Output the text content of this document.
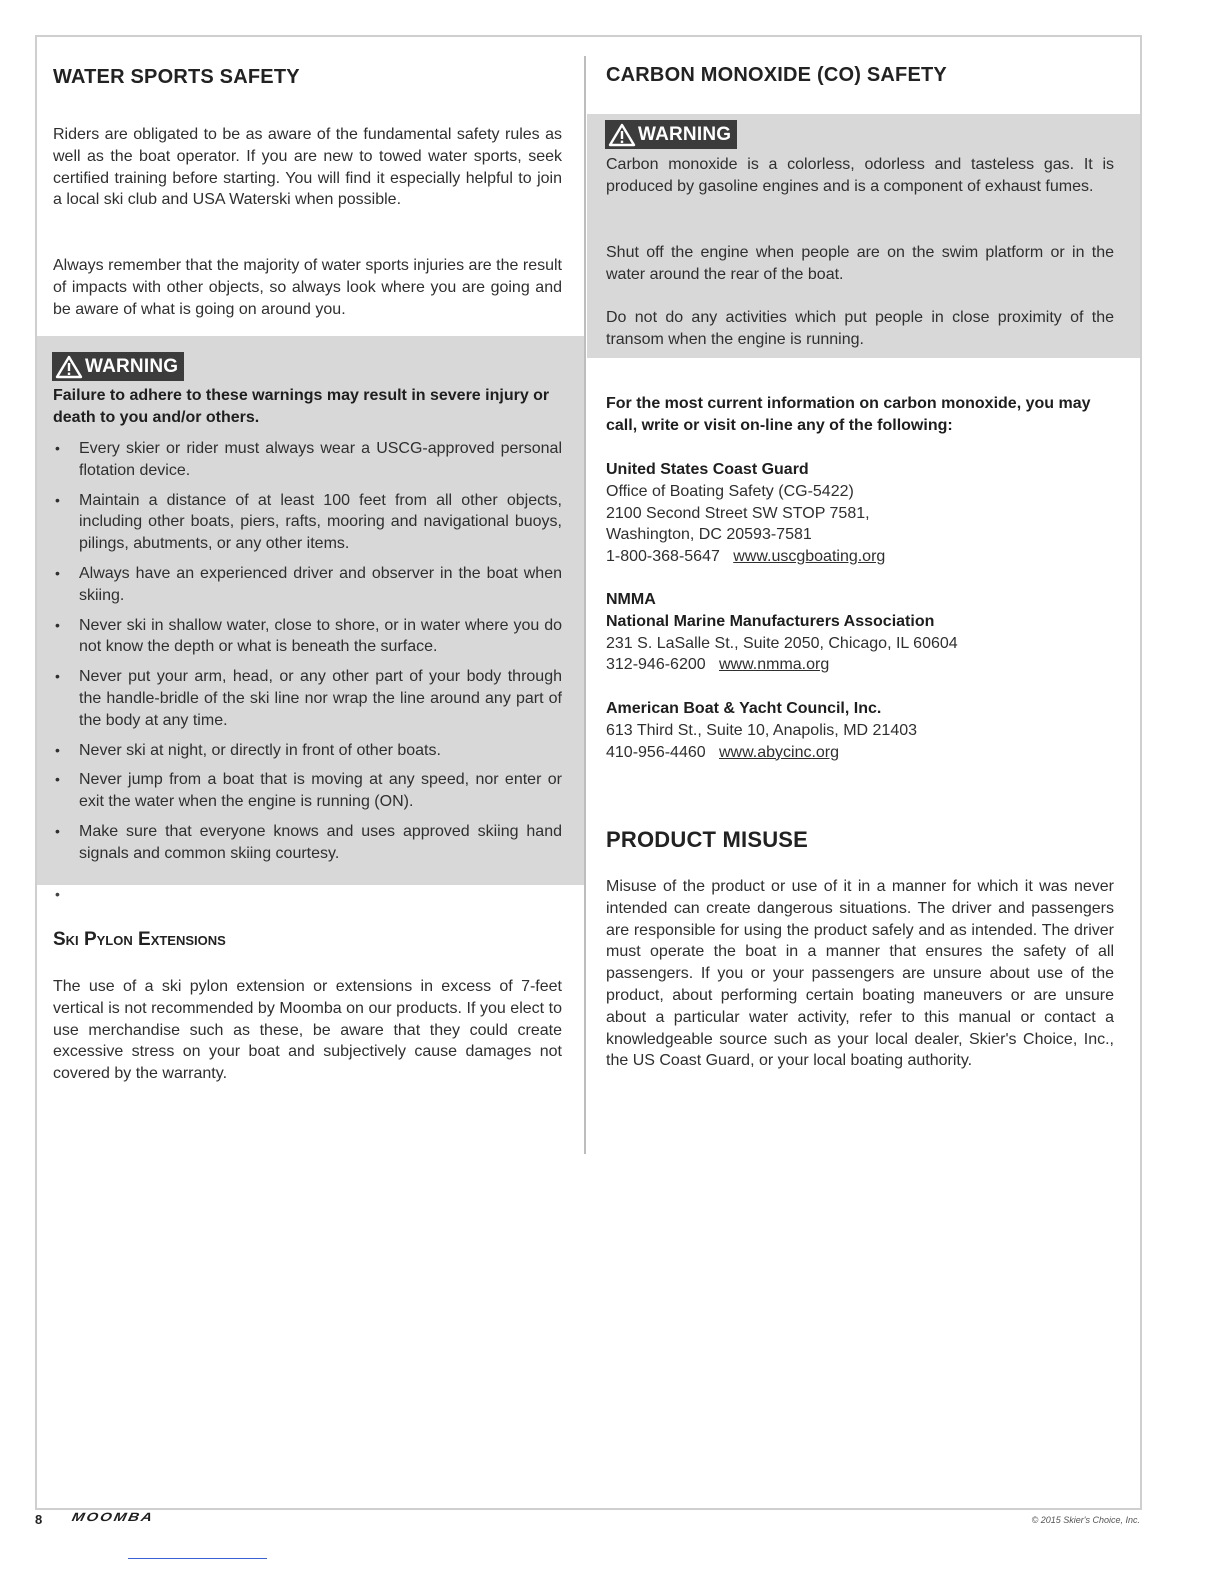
WATER SPORTS SAFETY
Riders are obligated to be as aware of the fundamental safety rules as well as the boat operator. If you are new to towed water sports, seek certified training before starting. You will find it especially helpful to join a local ski club and USA Waterski when possible.
Always remember that the majority of water sports injuries are the result of impacts with other objects, so always look where you are going and be aware of what is going on around you.
WARNING
Failure to adhere to these warnings may result in severe injury or death to you and/or others.
• Every skier or rider must always wear a USCG-approved personal flotation device.
• Maintain a distance of at least 100 feet from all other objects, including other boats, piers, rafts, mooring and navigational buoys, pilings, abutments, or any other items.
• Always have an experienced driver and observer in the boat when skiing.
• Never ski in shallow water, close to shore, or in water where you do not know the depth or what is beneath the surface.
• Never put your arm, head, or any other part of your body through the handle-bridle of the ski line nor wrap the line around any part of the body at any time.
• Never ski at night, or directly in front of other boats.
• Never jump from a boat that is moving at any speed, nor enter or exit the water when the engine is running (ON).
• Make sure that everyone knows and uses approved skiing hand signals and common skiing courtesy.
•
Ski Pylon Extensions
The use of a ski pylon extension or extensions in excess of 7-feet vertical is not recommended by Moomba on our products. If you elect to use merchandise such as these, be aware that they could create excessive stress on your boat and subjectively cause damages not covered by the warranty.
CARBON MONOXIDE (CO) SAFETY
WARNING
Carbon monoxide is a colorless, odorless and tasteless gas. It is produced by gasoline engines and is a component of exhaust fumes.
Shut off the engine when people are on the swim platform or in the water around the rear of the boat.
Do not do any activities which put people in close proximity of the transom when the engine is running.
For the most current information on carbon monoxide, you may call, write or visit on-line any of the following:
United States Coast Guard
Office of Boating Safety (CG-5422)
2100 Second Street SW STOP 7581,
Washington, DC 20593-7581
1-800-368-5647 www.uscgboating.org
NMMA
National Marine Manufacturers Association
231 S. LaSalle St., Suite 2050, Chicago, IL 60604
312-946-6200 www.nmma.org
American Boat & Yacht Council, Inc.
613 Third St., Suite 10, Anapolis, MD 21403
410-956-4460 www.abycinc.org
PRODUCT MISUSE
Misuse of the product or use of it in a manner for which it was never intended can create dangerous situations. The driver and passengers are responsible for using the product safely and as intended. The driver must operate the boat in a manner that ensures the safety of all passengers. If you or your passengers are unsure about use of the product, about performing certain boating maneuvers or are unsure about a particular water activity, refer to this manual or contact a knowledgeable source such as your local dealer, Skier's Choice, Inc., the US Coast Guard, or your local boating authority.
8 MOOMBA	© 2015 Skier's Choice, Inc.
